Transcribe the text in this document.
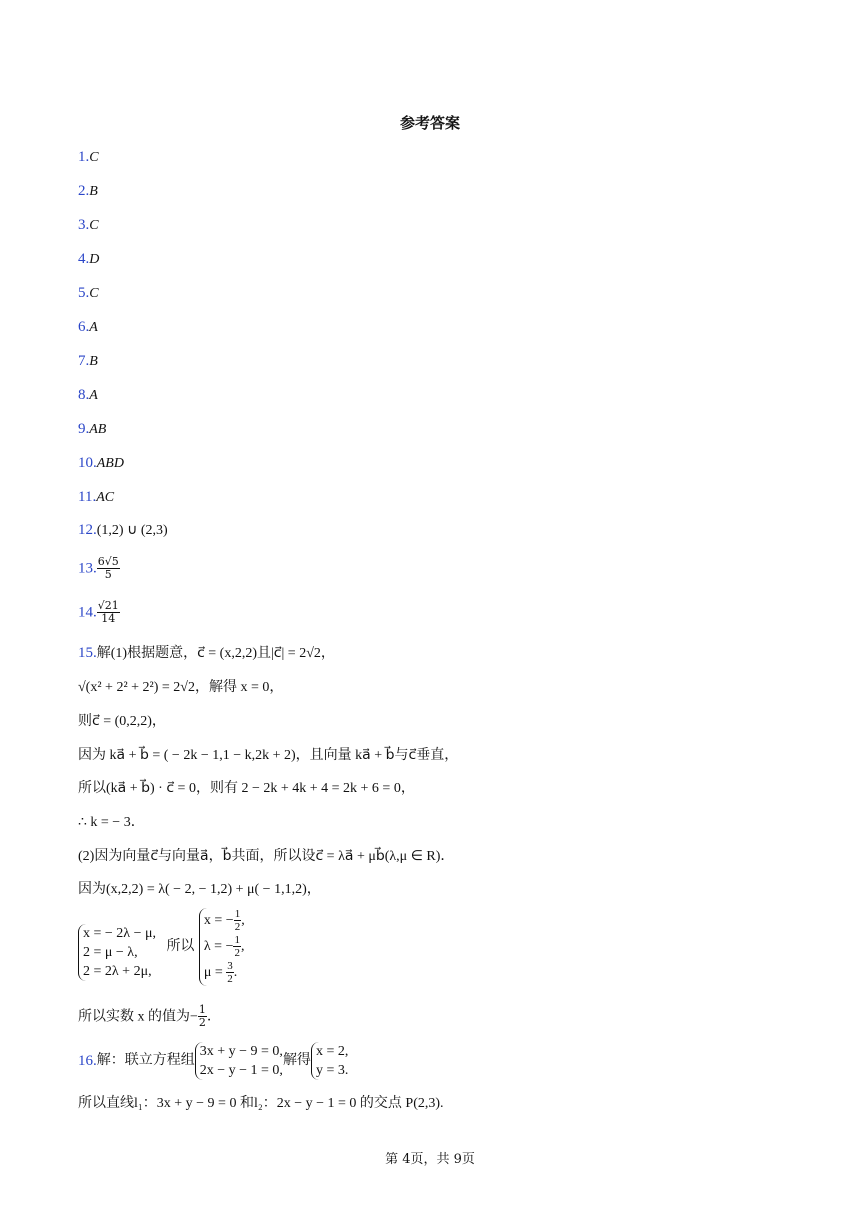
参考答案
1.C
2.B
3.C
4.D
5.C
6.A
7.B
8.A
9.AB
10.ABD
11.AC
12.(1,2) ∪ (2,3)
13. $\frac{6√5}{5}$
14. $\frac{√21}{14}$
15.解(1)根据题意，c⃗ = (x,2,2)且|c⃗| = 2√2，
√(x² + 2² + 2²) = 2√2，解得 x = 0，
则c⃗ = (0,2,2)，
因为 ka⃗ + b⃗ = ( − 2k − 1,1 − k,2k + 2)，且向量 ka⃗ + b⃗与c⃗垂直，
所以(ka⃗ + b⃗) · c⃗ = 0，则有 2 − 2k + 4k + 4 = 2k + 6 = 0，
∴ k = − 3．
(2)因为向量c⃗与向量a⃗，b⃗共面，所以设c⃗ = λa⃗ + μb⃗(λ,μ ∈ R)．
因为(x,2,2) = λ( − 2, − 1,2) + μ( − 1,1,2)，
x = − 2λ − μ,
2 = μ − λ,
2 = 2λ + 2μ,
所以
x = − $\frac{1}{2}$ ,
λ = − $\frac{1}{2}$ ,
$\mu = \frac{3}{2}$ .
所以实数 x 的值为− $\frac{1}{2}$ .
16.解：联立方程组
3x + y − 9 = 0,
2x − y − 1 = 0,
解得
x = 2,
y = 3.
所以直线l₁：3x + y − 9 = 0 和l₂：2x − y − 1 = 0 的交点 P(2,3).
第 4页，共 9页
